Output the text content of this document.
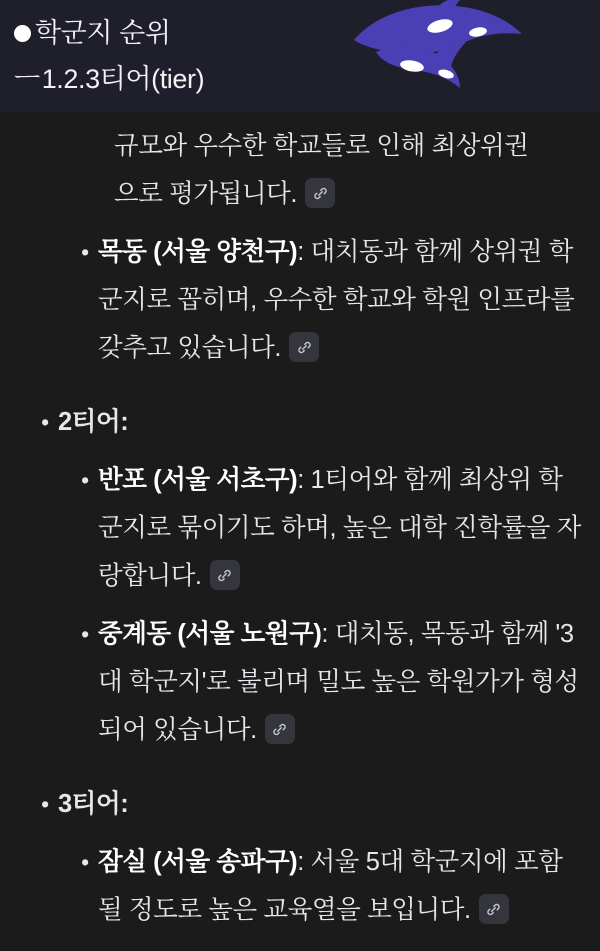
학군지 순위
ㅡ 1.2.3티어(tier)
규모와 우수한 학교들로 인해 최상위권
으로 평가됩니다.
• 목동 (서울 양천구): 대치동과 함께 상위권 학군지로 꼽히며, 우수한 학교와 학원 인프라를 갖추고 있습니다.
• 2티어:
• 반포 (서울 서초구): 1티어와 함께 최상위 학군지로 묶이기도 하며, 높은 대학 진학률을 자랑합니다.
• 중계동 (서울 노원구): 대치동, 목동과 함께 '3대 학군지'로 불리며 밀도 높은 학원가가 형성되어 있습니다.
• 3티어:
• 잠실 (서울 송파구): 서울 5대 학군지에 포함될 정도로 높은 교육열을 보입니다.
